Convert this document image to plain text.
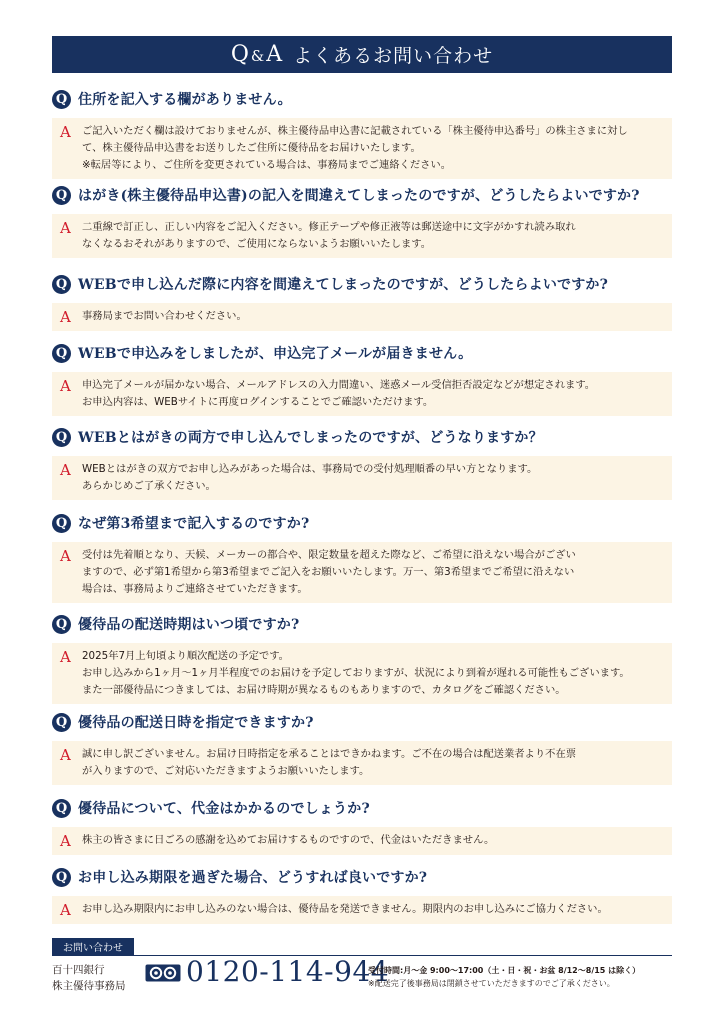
Q&A よくあるお問い合わせ
Q 住所を記入する欄がありません。
A	ご記入いただく欄は設けておりませんが、株主優待品申込書に記載されている「株主優待申込番号」の株主さまに対し
て、株主優待品申込書をお送りしたご住所に優待品をお届けいたします。
※転居等により、ご住所を変更されている場合は、事務局までご連絡ください。
Q はがき(株主優待品申込書)の記入を間違えてしまったのですが、どうしたらよいですか?
A	二重線で訂正し、正しい内容をご記入ください。修正テープや修正液等は郵送途中に文字がかすれ読み取れ
なくなるおそれがありますので、ご使用にならないようお願いいたします。
Q WEBで申し込んだ際に内容を間違えてしまったのですが、どうしたらよいですか?
A	事務局までお問い合わせください。
Q WEBで申込みをしましたが、申込完了メールが届きません。
A	申込完了メールが届かない場合、メールアドレスの入力間違い、迷惑メール受信拒否設定などが想定されます。
お申込内容は、WEBサイトに再度ログインすることでご確認いただけます。
Q WEBとはがきの両方で申し込んでしまったのですが、どうなりますか？
A	WEBとはがきの双方でお申し込みがあった場合は、事務局での受付処理順番の早い方となります。
あらかじめご了承ください。
Q なぜ第3希望まで記入するのですか?
A	受付は先着順となり、天候、メーカーの都合や、限定数量を超えた際など、ご希望に沿えない場合がござい
ますので、必ず第1希望から第3希望までご記入をお願いいたします。万一、第3希望までご希望に沿えない
場合は、事務局よりご連絡させていただきます。
Q 優待品の配送時期はいつ頃ですか?
A	2025年7月上旬頃より順次配送の予定です。
お申し込みから1ヶ月〜1ヶ月半程度でのお届けを予定しておりますが、状況により到着が遅れる可能性もございます。
また一部優待品につきましては、お届け時期が異なるものもありますので、カタログをご確認ください。
Q 優待品の配送日時を指定できますか?
A	誠に申し訳ございません。お届け日時指定を承ることはできかねます。ご不在の場合は配送業者より不在票
が入りますので、ご対応いただきますようお願いいたします。
Q 優待品について、代金はかかるのでしょうか?
A	株主の皆さまに日ごろの感謝を込めてお届けするものですので、代金はいただきません。
Q お申し込み期限を過ぎた場合、どうすれば良いですか?
A	お申し込み期限内にお申し込みのない場合は、優待品を発送できません。期限内のお申し込みにご協力ください。
お問い合わせ
百十四銀行
株主優待事務局 0120-114-944
受付時間:月〜金 9:00〜17:00（土・日・祝・お盆 8/12〜8/15 は除く）
※配送完了後事務局は閉鎖させていただきますのでご了承ください。
